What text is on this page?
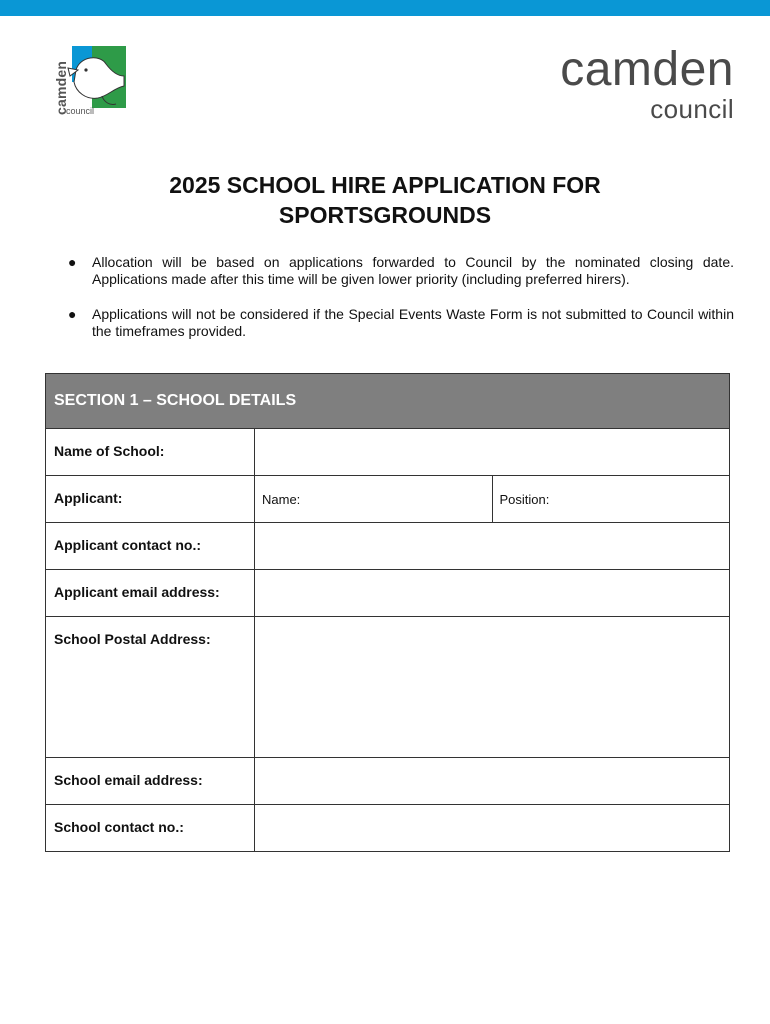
camden
council
camden
council
2025 SCHOOL HIRE APPLICATION FOR
SPORTSGROUNDS
● Allocation will be based on applications forwarded to Council by the nominated closing date. Applications made after this time will be given lower priority (including preferred hirers).
● Applications will not be considered if the Special Events Waste Form is not submitted to Council within the timeframes provided.
SECTION 1 – SCHOOL DETAILS
Name of School:
Applicant:	Name:	Position:
Applicant contact no.:
Applicant email address:
School Postal Address:
School email address:
School contact no.:
